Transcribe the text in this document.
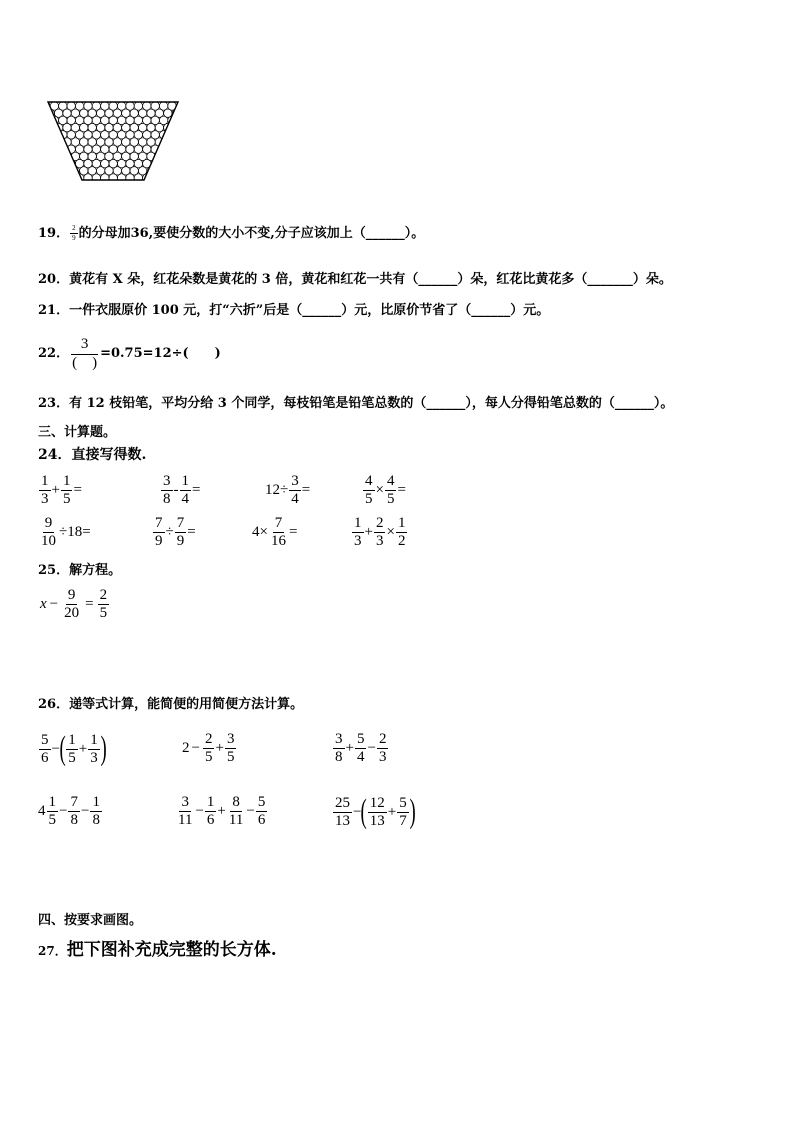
19． $\frac{2}{9}$ 的分母加36,要使分数的大小不变,分子应该加上（______）。
20．黄花有 X 朵，红花朵数是黄花的 3 倍，黄花和红花一共有（______）朵，红花比黄花多（_______）朵。
21．一件衣服原价 100 元，打“六折”后是（______）元，比原价节省了（______）元。
22． $\frac{3}{( )} =0.75=12\div$(　　)
23．有 12 枝铅笔，平均分给 3 个同学，每枝铅笔是铅笔总数的（______），每人分得铅笔总数的（______）。
三、计算题。
24．直接写得数.
$\frac{1}{3} + \frac{1}{5}$ =	$\frac{3}{8} - \frac{1}{4}$ =	$12 \div \frac{3}{4}$ =	$\frac{4}{5} \times \frac{4}{5}$ =
$\frac{9}{10} \div 18=$	$\frac{7}{9} \div \frac{7}{9}$ =	$4 \times \frac{7}{16}$ =	$\frac{1}{3} + \frac{2}{3} \times \frac{1}{2}$
25．解方程。
$x - \frac{9}{20} = \frac{2}{5}$
26．递等式计算，能简便的用简便方法计算。
$\frac{5}{6}$ − ( $\frac{1}{5} + \frac{1}{3}$ )	$2 - \frac{2}{5} + \frac{3}{5}$	$\frac{3}{8} + \frac{5}{4} - \frac{2}{3}$
$4 \frac{1}{5} - \frac{7}{8} - \frac{1}{8}$	$\frac{3}{11} - \frac{1}{6} + \frac{8}{11} - \frac{5}{6}$	$\frac{25}{13}$ − ( $\frac{12}{13} + \frac{5}{7}$ )
四、按要求画图。
27．把下图补充成完整的长方体.
